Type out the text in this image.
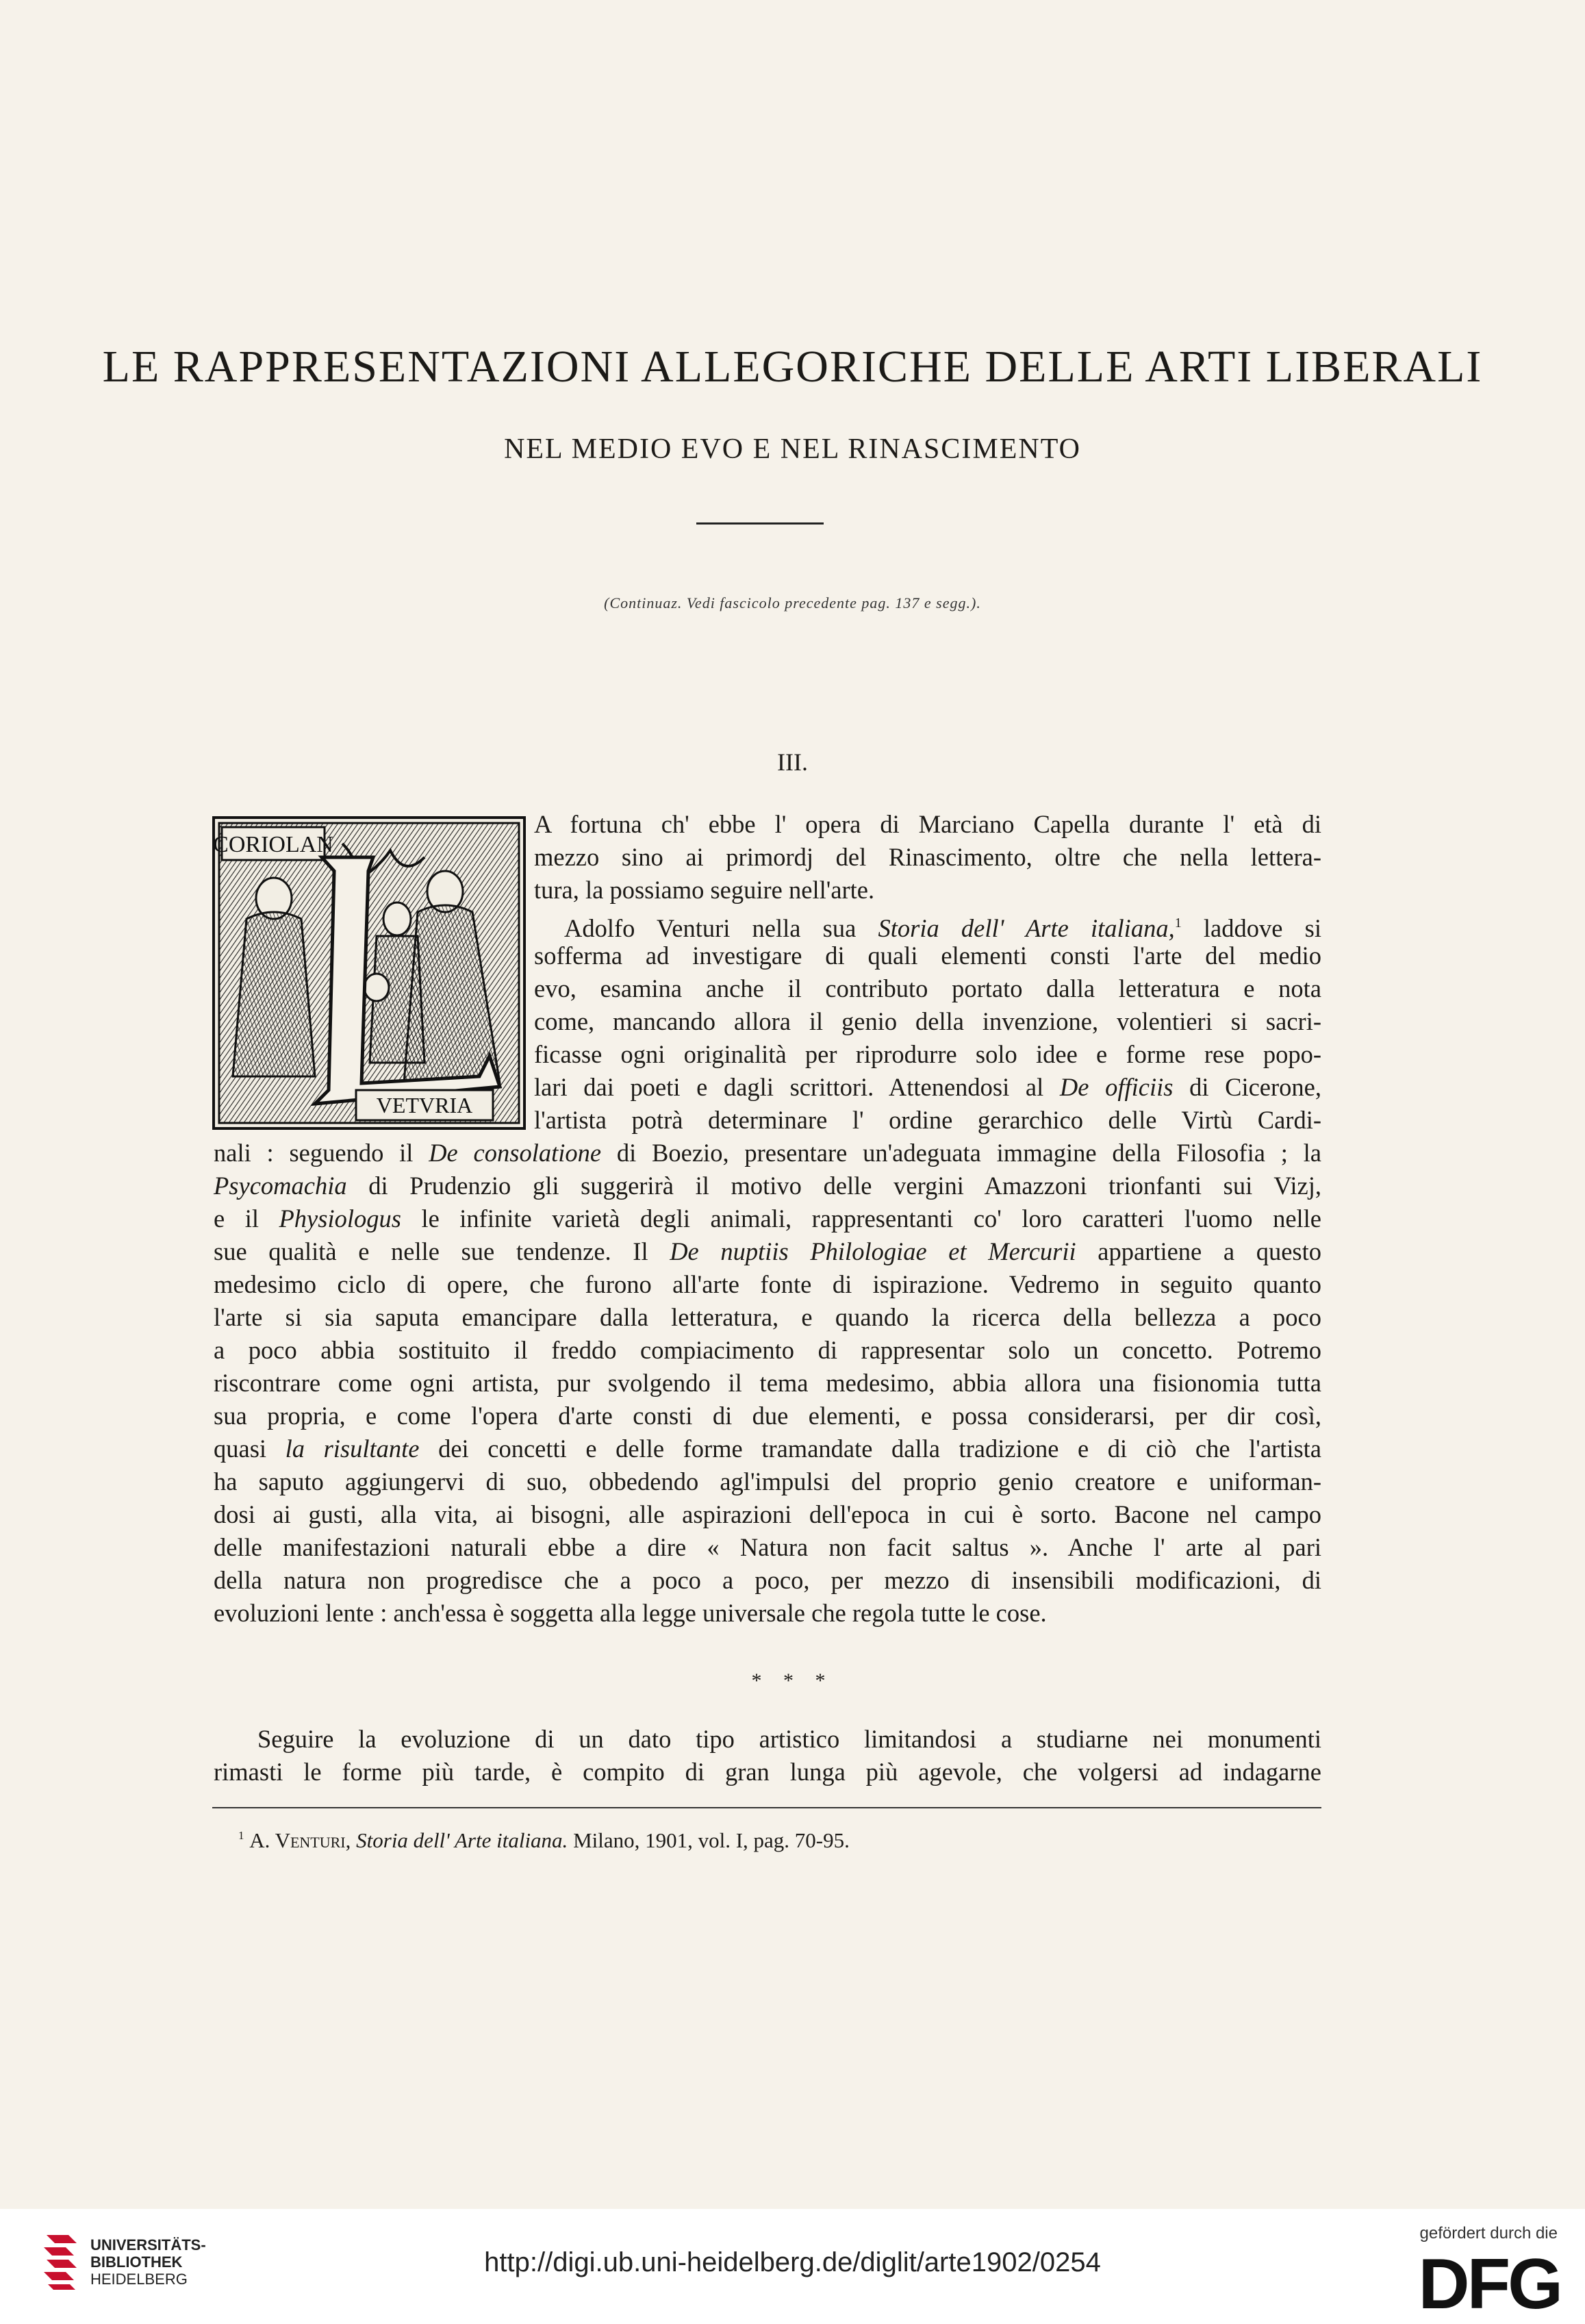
LE RAPPRESENTAZIONI ALLEGORICHE DELLE ARTI LIBERALI
NEL MEDIO EVO E NEL RINASCIMENTO
(Continuaz. Vedi fascicolo precedente pag. 137 e segg.).
III.
CORIOLAN
VETVRIA
A fortuna ch' ebbe l' opera di Marciano Capella durante l' età di
mezzo sino ai primordj del Rinascimento, oltre che nella lettera-
tura, la possiamo seguire nell'arte.
Adolfo Venturi nella sua Storia dell' Arte italiana,$^1$ laddove si
sofferma ad investigare di quali elementi consti l'arte del medio
evo, esamina anche il contributo portato dalla letteratura e nota
come, mancando allora il genio della invenzione, volentieri si sacri-
ficasse ogni originalità per riprodurre solo idee e forme rese popo-
lari dai poeti e dagli scrittori. Attenendosi al De officiis di Cicerone,
l'artista potrà determinare l' ordine gerarchico delle Virtù Cardi-
nali : seguendo il De consolatione di Boezio, presentare un'adeguata immagine della Filosofia ; la
Psycomachia di Prudenzio gli suggerirà il motivo delle vergini Amazzoni trionfanti sui Vizj,
e il Physiologus le infinite varietà degli animali, rappresentanti co' loro caratteri l'uomo nelle
sue qualità e nelle sue tendenze. Il De nuptiis Philologiae et Mercurii appartiene a questo
medesimo ciclo di opere, che furono all'arte fonte di ispirazione. Vedremo in seguito quanto
l'arte si sia saputa emancipare dalla letteratura, e quando la ricerca della bellezza a poco
a poco abbia sostituito il freddo compiacimento di rappresentar solo un concetto. Potremo
riscontrare come ogni artista, pur svolgendo il tema medesimo, abbia allora una fisionomia tutta
sua propria, e come l'opera d'arte consti di due elementi, e possa considerarsi, per dir così,
quasi la risultante dei concetti e delle forme tramandate dalla tradizione e di ciò che l'artista
ha saputo aggiungervi di suo, obbedendo agl'impulsi del proprio genio creatore e uniforman-
dosi ai gusti, alla vita, ai bisogni, alle aspirazioni dell'epoca in cui è sorto. Bacone nel campo
delle manifestazioni naturali ebbe a dire « Natura non facit saltus ». Anche l' arte al pari
della natura non progredisce che a poco a poco, per mezzo di insensibili modificazioni, di
evoluzioni lente : anch'essa è soggetta alla legge universale che regola tutte le cose.
* * *
Seguire la evoluzione di un dato tipo artistico limitandosi a studiarne nei monumenti
rimasti le forme più tarde, è compito di gran lunga più agevole, che volgersi ad indagarne
$^1$ A. Venturi, Storia dell' Arte italiana. Milano, 1901, vol. I, pag. 70-95.
UNIVERSITÄTS-
BIBLIOTHEK
HEIDELBERG
http://digi.ub.uni-heidelberg.de/diglit/arte1902/0254
gefördert durch die
DFG
